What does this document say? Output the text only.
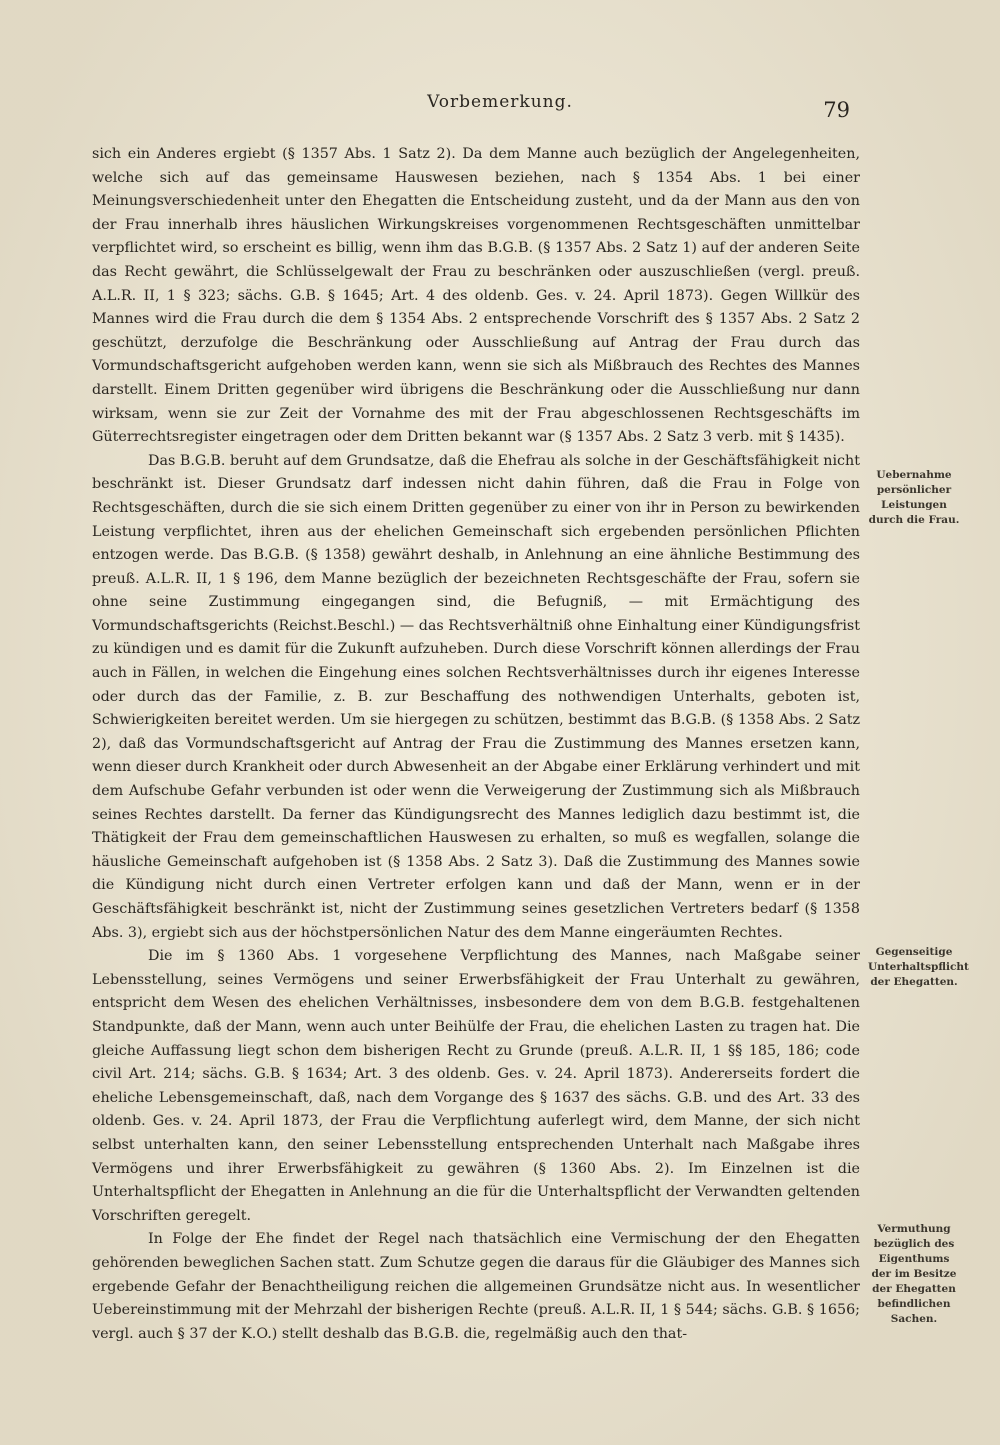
Vorbemerkung.	79

sich ein Anderes ergiebt (§ 1357 Abs. 1 Satz 2). Da dem Manne auch bezüglich der Angelegenheiten, welche sich auf das gemeinsame Hauswesen beziehen, nach § 1354 Abs. 1 bei einer Meinungsverschiedenheit unter den Ehegatten die Entscheidung zusteht, und da der Mann aus den von der Frau innerhalb ihres häuslichen Wirkungskreises vorgenommenen Rechtsgeschäften unmittelbar verpflichtet wird, so erscheint es billig, wenn ihm das B.G.B. (§ 1357 Abs. 2 Satz 1) auf der anderen Seite das Recht gewährt, die Schlüsselgewalt der Frau zu beschränken oder auszuschließen (vergl. preuß. A.L.R. II, 1 § 323; sächs. G.B. § 1645; Art. 4 des oldenb. Ges. v. 24. April 1873). Gegen Willkür des Mannes wird die Frau durch die dem § 1354 Abs. 2 entsprechende Vorschrift des § 1357 Abs. 2 Satz 2 geschützt, derzufolge die Beschränkung oder Ausschließung auf Antrag der Frau durch das Vormundschaftsgericht aufgehoben werden kann, wenn sie sich als Mißbrauch des Rechtes des Mannes darstellt. Einem Dritten gegenüber wird übrigens die Beschränkung oder die Ausschließung nur dann wirksam, wenn sie zur Zeit der Vornahme des mit der Frau abgeschlossenen Rechtsgeschäfts im Güterrechtsregister eingetragen oder dem Dritten bekannt war (§ 1357 Abs. 2 Satz 3 verb. mit § 1435).

Das B.G.B. beruht auf dem Grundsatze, daß die Ehefrau als solche in der Geschäftsfähigkeit nicht beschränkt ist. Dieser Grundsatz darf indessen nicht dahin führen, daß die Frau in Folge von Rechtsgeschäften, durch die sie sich einem Dritten gegenüber zu einer von ihr in Person zu bewirkenden Leistung verpflichtet, ihren aus der ehelichen Gemeinschaft sich ergebenden persönlichen Pflichten entzogen werde. Das B.G.B. (§ 1358) gewährt deshalb, in Anlehnung an eine ähnliche Bestimmung des preuß. A.L.R. II, 1 § 196, dem Manne bezüglich der bezeichneten Rechtsgeschäfte der Frau, sofern sie ohne seine Zustimmung eingegangen sind, die Befugniß, — mit Ermächtigung des Vormundschaftsgerichts (Reichst.Beschl.) — das Rechtsverhältniß ohne Einhaltung einer Kündigungsfrist zu kündigen und es damit für die Zukunft aufzuheben. Durch diese Vorschrift können allerdings der Frau auch in Fällen, in welchen die Eingehung eines solchen Rechtsverhältnisses durch ihr eigenes Interesse oder durch das der Familie, z. B. zur Beschaffung des nothwendigen Unterhalts, geboten ist, Schwierigkeiten bereitet werden. Um sie hiergegen zu schützen, bestimmt das B.G.B. (§ 1358 Abs. 2 Satz 2), daß das Vormundschaftsgericht auf Antrag der Frau die Zustimmung des Mannes ersetzen kann, wenn dieser durch Krankheit oder durch Abwesenheit an der Abgabe einer Erklärung verhindert und mit dem Aufschube Gefahr verbunden ist oder wenn die Verweigerung der Zustimmung sich als Mißbrauch seines Rechtes darstellt. Da ferner das Kündigungsrecht des Mannes lediglich dazu bestimmt ist, die Thätigkeit der Frau dem gemeinschaftlichen Hauswesen zu erhalten, so muß es wegfallen, solange die häusliche Gemeinschaft aufgehoben ist (§ 1358 Abs. 2 Satz 3). Daß die Zustimmung des Mannes sowie die Kündigung nicht durch einen Vertreter erfolgen kann und daß der Mann, wenn er in der Geschäftsfähigkeit beschränkt ist, nicht der Zustimmung seines gesetzlichen Vertreters bedarf (§ 1358 Abs. 3), ergiebt sich aus der höchstpersönlichen Natur des dem Manne eingeräumten Rechtes.

Die im § 1360 Abs. 1 vorgesehene Verpflichtung des Mannes, nach Maßgabe seiner Lebensstellung, seines Vermögens und seiner Erwerbsfähigkeit der Frau Unterhalt zu gewähren, entspricht dem Wesen des ehelichen Verhältnisses, insbesondere dem von dem B.G.B. festgehaltenen Standpunkte, daß der Mann, wenn auch unter Beihülfe der Frau, die ehelichen Lasten zu tragen hat. Die gleiche Auffassung liegt schon dem bisherigen Recht zu Grunde (preuß. A.L.R. II, 1 §§ 185, 186; code civil Art. 214; sächs. G.B. § 1634; Art. 3 des oldenb. Ges. v. 24. April 1873). Andererseits fordert die eheliche Lebensgemeinschaft, daß, nach dem Vorgange des § 1637 des sächs. G.B. und des Art. 33 des oldenb. Ges. v. 24. April 1873, der Frau die Verpflichtung auferlegt wird, dem Manne, der sich nicht selbst unterhalten kann, den seiner Lebensstellung entsprechenden Unterhalt nach Maßgabe ihres Vermögens und ihrer Erwerbsfähigkeit zu gewähren (§ 1360 Abs. 2). Im Einzelnen ist die Unterhaltspflicht der Ehegatten in Anlehnung an die für die Unterhaltspflicht der Verwandten geltenden Vorschriften geregelt.

In Folge der Ehe findet der Regel nach thatsächlich eine Vermischung der den Ehegatten gehörenden beweglichen Sachen statt. Zum Schutze gegen die daraus für die Gläubiger des Mannes sich ergebende Gefahr der Benachtheiligung reichen die allgemeinen Grundsätze nicht aus. In wesentlicher Uebereinstimmung mit der Mehrzahl der bisherigen Rechte (preuß. A.L.R. II, 1 § 544; sächs. G.B. § 1656; vergl. auch § 37 der K.O.) stellt deshalb das B.G.B. die, regelmäßig auch den that-

Uebernahme persönlicher Leistungen durch die Frau.
Gegenseitige Unterhaltspflicht der Ehegatten.
Vermuthung bezüglich des Eigenthums der im Besitze der Ehegatten befindlichen Sachen.
